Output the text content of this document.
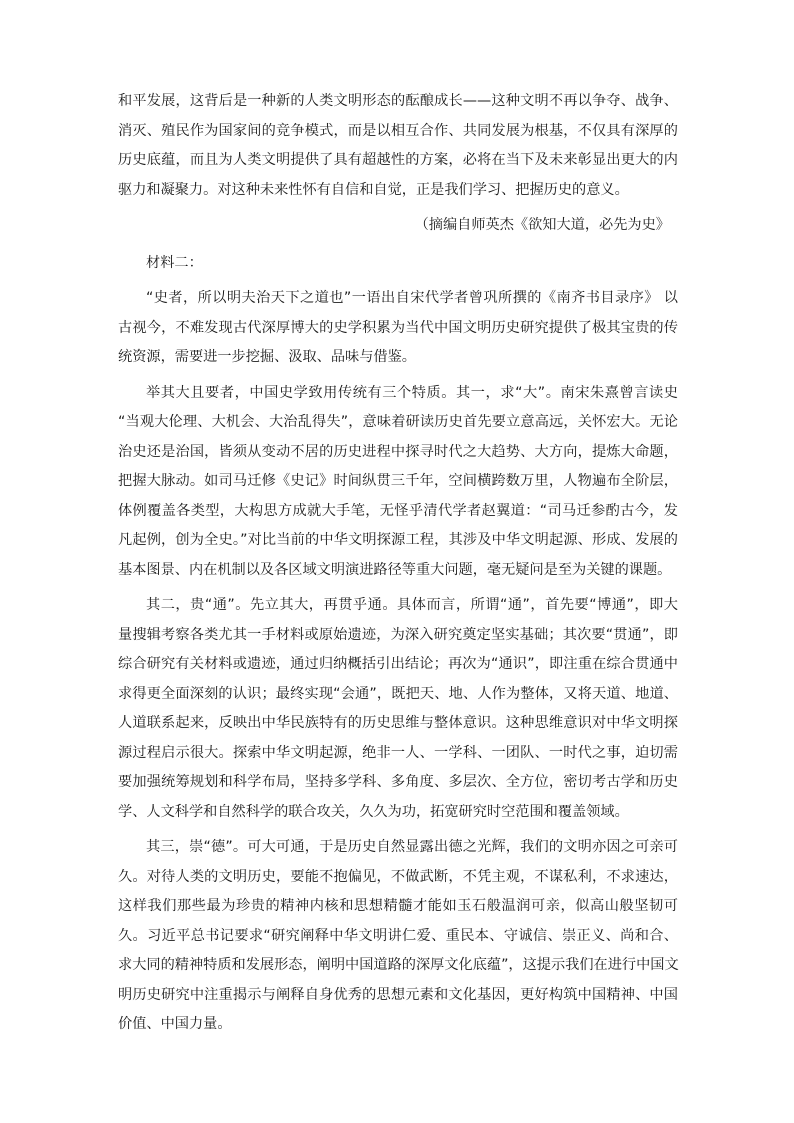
和平发展，这背后是一种新的人类文明形态的酝酿成长——这种文明不再以争夺、战争、
消灭、殖民作为国家间的竞争模式，而是以相互合作、共同发展为根基，不仅具有深厚的
历史底蕴，而且为人类文明提供了具有超越性的方案，必将在当下及未来彰显出更大的内
驱力和凝聚力。对这种未来性怀有自信和自觉，正是我们学习、把握历史的意义。
（摘编自师英杰《欲知大道，必先为史》
材料二：
“史者，所以明夫治天下之道也”一语出自宋代学者曾巩所撰的《南齐书目录序》 以
古视今，不难发现古代深厚博大的史学积累为当代中国文明历史研究提供了极其宝贵的传
统资源，需要进一步挖掘、汲取、品味与借鉴。
举其大且要者，中国史学致用传统有三个特质。其一，求“大”。南宋朱熹曾言读史
“当观大伦理、大机会、大治乱得失”，意味着研读历史首先要立意高远，关怀宏大。无论
治史还是治国，皆须从变动不居的历史进程中探寻时代之大趋势、大方向，提炼大命题，
把握大脉动。如司马迁修《史记》时间纵贯三千年，空间横跨数万里，人物遍布全阶层，
体例覆盖各类型，大构思方成就大手笔，无怪乎清代学者赵翼道：“司马迁参酌古今，发
凡起例，创为全史。”对比当前的中华文明探源工程，其涉及中华文明起源、形成、发展的
基本图景、内在机制以及各区域文明演进路径等重大问题，毫无疑问是至为关键的课题。
其二，贵“通”。先立其大，再贯乎通。具体而言，所谓“通”，首先要“博通”，即大
量搜辑考察各类尤其一手材料或原始遗迹，为深入研究奠定坚实基础；其次要“贯通”，即
综合研究有关材料或遗迹，通过归纳概括引出结论；再次为“通识”，即注重在综合贯通中
求得更全面深刻的认识；最终实现“会通”，既把天、地、人作为整体，又将天道、地道、
人道联系起来，反映出中华民族特有的历史思维与整体意识。这种思维意识对中华文明探
源过程启示很大。探索中华文明起源，绝非一人、一学科、一团队、一时代之事，迫切需
要加强统筹规划和科学布局，坚持多学科、多角度、多层次、全方位，密切考古学和历史
学、人文科学和自然科学的联合攻关，久久为功，拓宽研究时空范围和覆盖领域。
其三，崇“德”。可大可通，于是历史自然显露出德之光辉，我们的文明亦因之可亲可
久。对待人类的文明历史，要能不抱偏见，不做武断，不凭主观，不谋私利，不求速达，
这样我们那些最为珍贵的精神内核和思想精髓才能如玉石般温润可亲，似高山般坚韧可
久。习近平总书记要求“研究阐释中华文明讲仁爱、重民本、守诚信、崇正义、尚和合、
求大同的精神特质和发展形态，阐明中国道路的深厚文化底蕴”，这提示我们在进行中国文
明历史研究中注重揭示与阐释自身优秀的思想元素和文化基因，更好构筑中国精神、中国
价值、中国力量。
